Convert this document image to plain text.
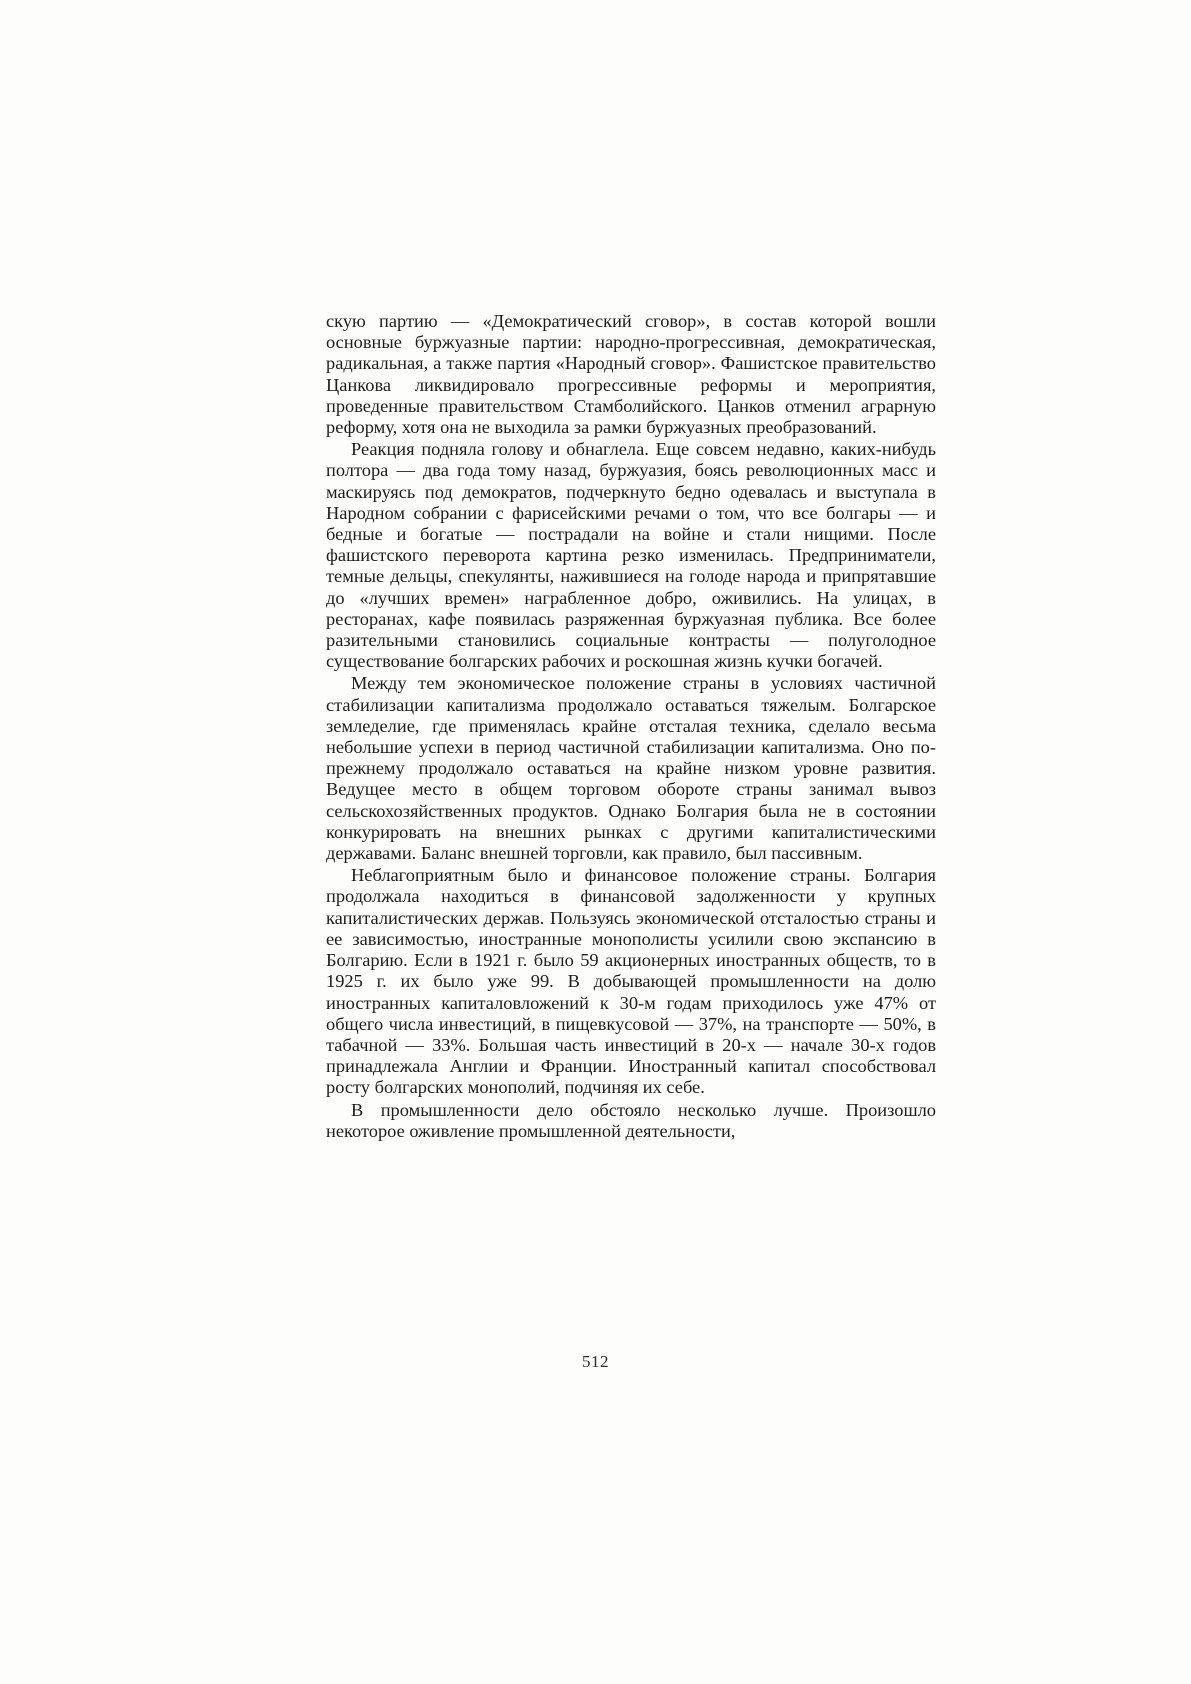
скую партию — «Демократический сговор», в состав которой вошли основные буржуазные партии: народно-прогрессивная, демократическая, радикальная, а также партия «Народный сговор». Фашистское правительство Цанкова ликвидировало прогрессивные реформы и мероприятия, проведенные правительством Стамболийского. Цанков отменил аграрную реформу, хотя она не выходила за рамки буржуазных преобразований.

Реакция подняла голову и обнаглела. Еще совсем недавно, каких-нибудь полтора — два года тому назад, буржуазия, боясь революционных масс и маскируясь под демократов, подчеркнуто бедно одевалась и выступала в Народном собрании с фарисейскими речами о том, что все болгары — и бедные и богатые — пострадали на войне и стали нищими. После фашистского переворота картина резко изменилась. Предприниматели, темные дельцы, спекулянты, нажившиеся на голоде народа и припрятавшие до «лучших времен» награбленное добро, оживились. На улицах, в ресторанах, кафе появилась разряженная буржуазная публика. Все более разительными становились социальные контрасты — полуголодное существование болгарских рабочих и роскошная жизнь кучки богачей.

Между тем экономическое положение страны в условиях частичной стабилизации капитализма продолжало оставаться тяжелым. Болгарское земледелие, где применялась крайне отсталая техника, сделало весьма небольшие успехи в период частичной стабилизации капитализма. Оно по-прежнему продолжало оставаться на крайне низком уровне развития. Ведущее место в общем торговом обороте страны занимал вывоз сельскохозяйственных продуктов. Однако Болгария была не в состоянии конкурировать на внешних рынках с другими капиталистическими державами. Баланс внешней торговли, как правило, был пассивным.

Неблагоприятным было и финансовое положение страны. Болгария продолжала находиться в финансовой задолженности у крупных капиталистических держав. Пользуясь экономической отсталостью страны и ее зависимостью, иностранные монополисты усилили свою экспансию в Болгарию. Если в 1921 г. было 59 акционерных иностранных обществ, то в 1925 г. их было уже 99. В добывающей промышленности на долю иностранных капиталовложений к 30-м годам приходилось уже 47% от общего числа инвестиций, в пищевкусовой — 37%, на транспорте — 50%, в табачной — 33%. Большая часть инвестиций в 20-х — начале 30-х годов принадлежала Англии и Франции. Иностранный капитал способствовал росту болгарских монополий, подчиняя их себе.

В промышленности дело обстояло несколько лучше. Произошло некоторое оживление промышленной деятельности,

512
